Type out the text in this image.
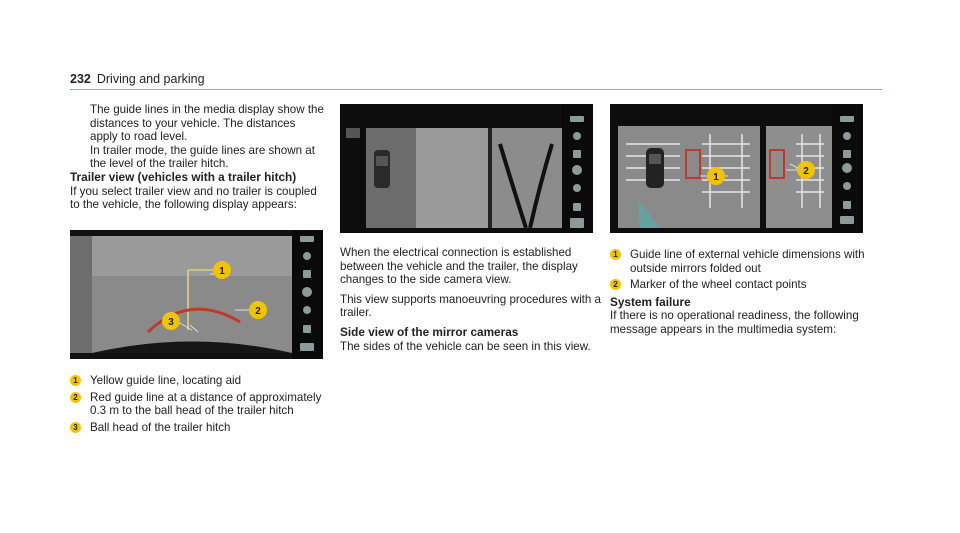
232 Driving and parking

The guide lines in the media display show the distances to your vehicle. The distances apply to road level.

In trailer mode, the guide lines are shown at the level of the trailer hitch.

Trailer view (vehicles with a trailer hitch)

If you select trailer view and no trailer is coupled to the vehicle, the following display appears:

1
2
3
1 Yellow guide line, locating aid
2 Red guide line at a distance of approximately 0.3 m to the ball head of the trailer hitch
3 Ball head of the trailer hitch

When the electrical connection is established between the vehicle and the trailer, the display changes to the side camera view.

This view supports manoeuvring procedures with a trailer.

Side view of the mirror cameras

The sides of the vehicle can be seen in this view.

1
2
1 Guide line of external vehicle dimensions with outside mirrors folded out
2 Marker of the wheel contact points
System failure

If there is no operational readiness, the following message appears in the multimedia system:
